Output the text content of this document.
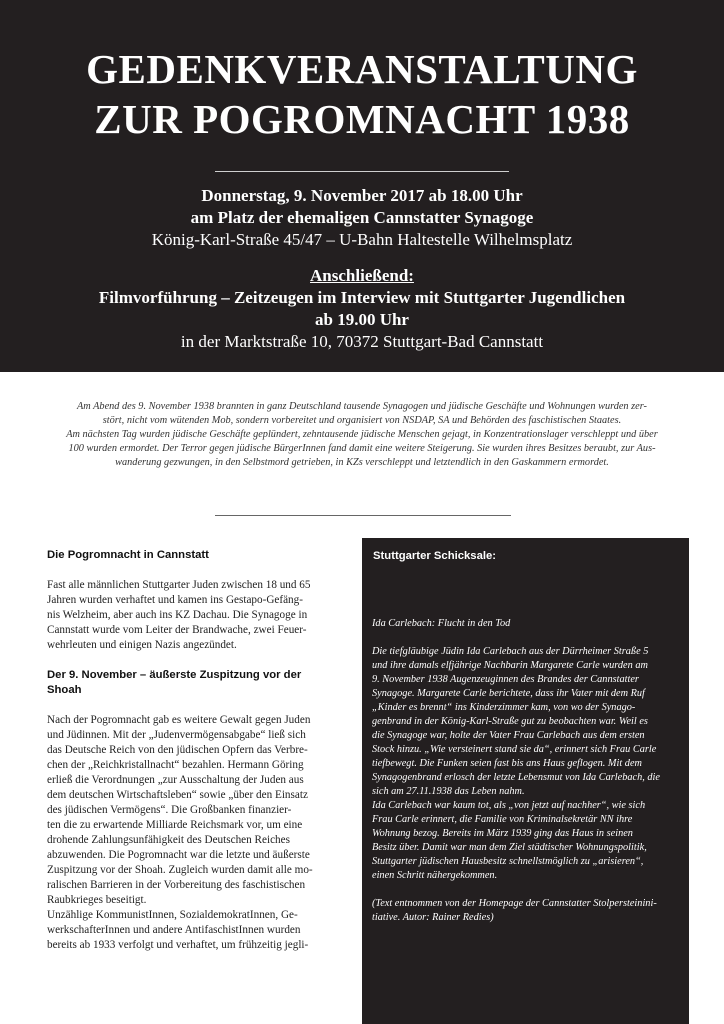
GEDENKVERANSTALTUNG
ZUR POGROMNACHT 1938
Donnerstag, 9. November 2017 ab 18.00 Uhr
am Platz der ehemaligen Cannstatter Synagoge
König-Karl-Straße 45/47 – U-Bahn Haltestelle Wilhelmsplatz
Anschließend:
Filmvorführung – Zeitzeugen im Interview mit Stuttgarter Jugendlichen
ab 19.00 Uhr
in der Marktstraße 10, 70372 Stuttgart-Bad Cannstatt
Am Abend des 9. November 1938 brannten in ganz Deutschland tausende Synagogen und jüdische Geschäfte und Wohnungen wurden zer-
stört, nicht vom wütenden Mob, sondern vorbereitet und organisiert von NSDAP, SA und Behörden des faschistischen Staates.
Am nächsten Tag wurden jüdische Geschäfte geplündert, zehntausende jüdische Menschen gejagt, in Konzentrationslager verschleppt und über
100 wurden ermordet. Der Terror gegen jüdische BürgerInnen fand damit eine weitere Steigerung. Sie wurden ihres Besitzes beraubt, zur Aus-
wanderung gezwungen, in den Selbstmord getrieben, in KZs verschleppt und letztendlich in den Gaskammern ermordet.
Die Pogromnacht in Cannstatt

Fast alle männlichen Stuttgarter Juden zwischen 18 und 65
Jahren wurden verhaftet und kamen ins Gestapo-Gefäng-
nis Welzheim, aber auch ins KZ Dachau. Die Synagoge in
Cannstatt wurde vom Leiter der Brandwache, zwei Feuer-
wehrleuten und einigen Nazis angezündet.

Der 9. November – äußerste Zuspitzung vor der
Shoah

Nach der Pogromnacht gab es weitere Gewalt gegen Juden
und Jüdinnen. Mit der „Judenvermögensabgabe“ ließ sich
das Deutsche Reich von den jüdischen Opfern das Verbre-
chen der „Reichkristallnacht“ bezahlen. Hermann Göring
erließ die Verordnungen „zur Ausschaltung der Juden aus
dem deutschen Wirtschaftsleben“ sowie „über den Einsatz
des jüdischen Vermögens“. Die Großbanken finanzier-
ten die zu erwartende Milliarde Reichsmark vor, um eine
drohende Zahlungsunfähigkeit des Deutschen Reiches
abzuwenden. Die Pogromnacht war die letzte und äußerste
Zuspitzung vor der Shoah. Zugleich wurden damit alle mo-
ralischen Barrieren in der Vorbereitung des faschistischen
Raubkrieges beseitigt.
Unzählige KommunistInnen, SozialdemokratInnen, Ge-
werkschafterInnen und andere AntifaschistInnen wurden
bereits ab 1933 verfolgt und verhaftet, um frühzeitig jegli-

Stuttgarter Schicksale:

Ida Carlebach: Flucht in den Tod

Die tiefgläubige Jüdin Ida Carlebach aus der Dürrheimer Straße 5
und ihre damals elfjährige Nachbarin Margarete Carle wurden am
9. November 1938 Augenzeuginnen des Brandes der Cannstatter
Synagoge. Margarete Carle berichtete, dass ihr Vater mit dem Ruf
„Kinder es brennt“ ins Kinderzimmer kam, von wo der Synago-
genbrand in der König-Karl-Straße gut zu beobachten war. Weil es
die Synagoge war, holte der Vater Frau Carlebach aus dem ersten
Stock hinzu. „Wie versteinert stand sie da“, erinnert sich Frau Carle
tiefbewegt. Die Funken seien fast bis ans Haus geflogen. Mit dem
Synagogenbrand erlosch der letzte Lebensmut von Ida Carlebach, die
sich am 27.11.1938 das Leben nahm.
Ida Carlebach war kaum tot, als „von jetzt auf nachher“, wie sich
Frau Carle erinnert, die Familie von Kriminalsekretär NN ihre
Wohnung bezog. Bereits im März 1939 ging das Haus in seinen
Besitz über. Damit war man dem Ziel städtischer Wohnungspolitik,
Stuttgarter jüdischen Hausbesitz schnellstmöglich zu „arisieren“,
einen Schritt nähergekommen.

(Text entnommen von der Homepage der Cannstatter Stolpersteinini-
tiative. Autor: Rainer Redies)
